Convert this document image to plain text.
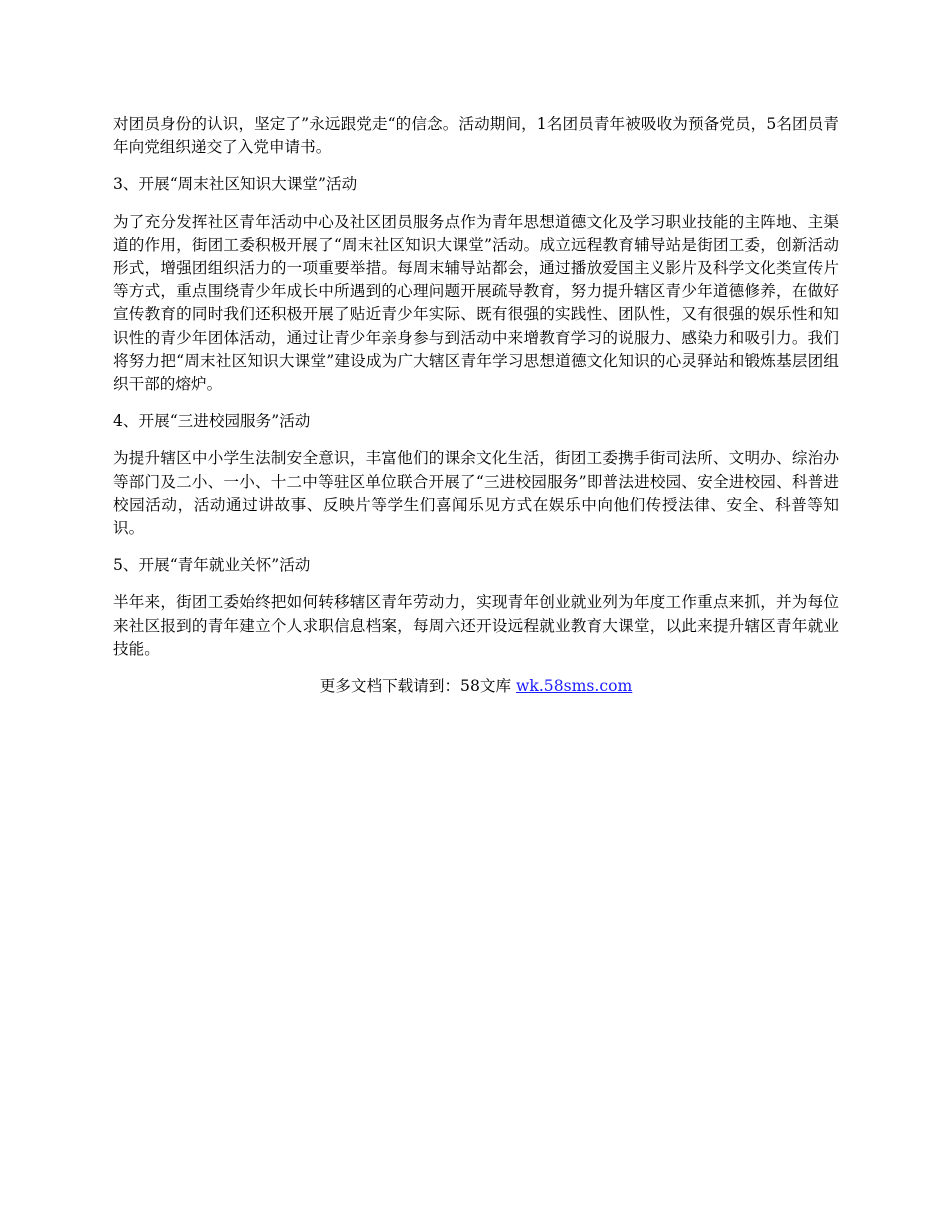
对团员身份的认识，坚定了”永远跟党走“的信念。活动期间，1名团员青年被吸收为预备党员，5名团员青年向党组织递交了入党申请书。

3、开展“周末社区知识大课堂”活动

为了充分发挥社区青年活动中心及社区团员服务点作为青年思想道德文化及学习职业技能的主阵地、主渠道的作用，街团工委积极开展了“周末社区知识大课堂”活动。成立远程教育辅导站是街团工委，创新活动形式，增强团组织活力的一项重要举措。每周末辅导站都会，通过播放爱国主义影片及科学文化类宣传片等方式，重点围绕青少年成长中所遇到的心理问题开展疏导教育，努力提升辖区青少年道德修养，在做好宣传教育的同时我们还积极开展了贴近青少年实际、既有很强的实践性、团队性，又有很强的娱乐性和知识性的青少年团体活动，通过让青少年亲身参与到活动中来增教育学习的说服力、感染力和吸引力。我们将努力把“周末社区知识大课堂”建设成为广大辖区青年学习思想道德文化知识的心灵驿站和锻炼基层团组织干部的熔炉。

4、开展“三进校园服务”活动

为提升辖区中小学生法制安全意识，丰富他们的课余文化生活，街团工委携手街司法所、文明办、综治办等部门及二小、一小、十二中等驻区单位联合开展了“三进校园服务”即普法进校园、安全进校园、科普进校园活动，活动通过讲故事、反映片等学生们喜闻乐见方式在娱乐中向他们传授法律、安全、科普等知识。

5、开展“青年就业关怀”活动

半年来，街团工委始终把如何转移辖区青年劳动力，实现青年创业就业列为年度工作重点来抓，并为每位来社区报到的青年建立个人求职信息档案，每周六还开设远程就业教育大课堂，以此来提升辖区青年就业技能。

更多文档下载请到：58文库 wk.58sms.com
